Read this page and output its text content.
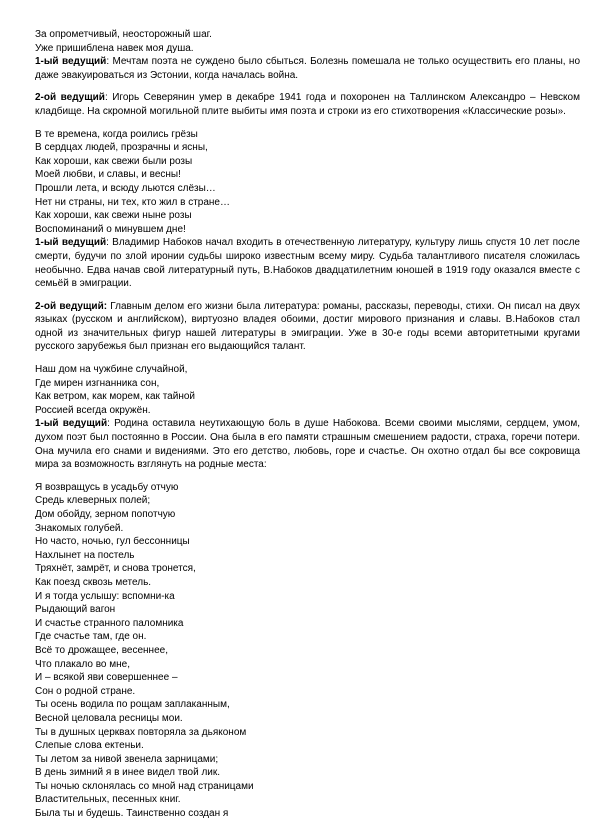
За опрометчивый, неосторожный шаг.
Уже пришиблена навек моя душа.

1-ый ведущий: Мечтам поэта не суждено было сбыться. Болезнь помешала не только осуществить его планы, но даже эвакуироваться из Эстонии, когда началась война.

2-ой ведущий: Игорь Северянин умер в декабре 1941 года и похоронен на Таллинском Александро – Невском кладбище. На скромной могильной плите выбиты имя поэта и строки из его стихотворения «Классические розы».

В те времена, когда роились грёзы
В сердцах людей, прозрачны и ясны,
Как хороши, как свежи были розы
Моей любви, и славы, и весны!
Прошли лета, и всюду льются слёзы…
Нет ни страны, ни тех, кто жил в стране…
Как хороши, как свежи ныне розы
Воспоминаний о минувшем дне!

1-ый ведущий: Владимир Набоков начал входить в отечественную литературу, культуру лишь спустя 10 лет после смерти, будучи по злой иронии судьбы широко известным всему миру. Судьба талантливого писателя сложилась необычно. Едва начав свой литературный путь, В.Набоков двадцатилетним юношей в 1919 году оказался вместе с семьёй в эмиграции.

2-ой ведущий: Главным делом его жизни была литература: романы, рассказы, переводы, стихи. Он писал на двух языках (русском и английском), виртуозно владея обоими, достиг мирового признания и славы. В.Набоков стал одной из значительных фигур нашей литературы в эмиграции. Уже в 30-е годы всеми авторитетными кругами русского зарубежья был признан его выдающийся талант.

Наш дом на чужбине случайной,
Где мирен изгнанника сон,
Как ветром, как морем, как тайной
Россией всегда окружён.

1-ый ведущий: Родина оставила неутихающую боль в душе Набокова. Всеми своими мыслями, сердцем, умом, духом поэт был постоянно в России. Она была в его памяти страшным смешением радости, страха, горечи потери. Она мучила его снами и видениями. Это его детство, любовь, горе и счастье. Он охотно отдал бы все сокровища мира за возможность взглянуть на родные места:

Я возвращусь в усадьбу отчую
Средь клеверных полей;
Дом обойду, зерном попотчую
Знакомых голубей.
Но часто, ночью, гул бессонницы
Нахлынет на постель
Тряхнёт, замрёт, и снова тронется,
Как поезд сквозь метель.
И я тогда услышу: вспомни-ка
Рыдающий вагон
И счастье странного паломника
Где счастье там, где он.
Всё то дрожащее, весеннее,
Что плакало во мне,
И – всякой яви совершеннее –
Сон о родной стране.
Ты осень водила по рощам заплаканным,
Весной целовала ресницы мои.
Ты в душных церквах повторяла за дьяконом
Слепые слова ектеньи.
Ты летом за нивой звенела зарницами;
В день зимний я в инее видел твой лик.
Ты ночью склонялась со мной над страницами
Властительных, песенных книг.
Была ты и будешь. Таинственно создан я
